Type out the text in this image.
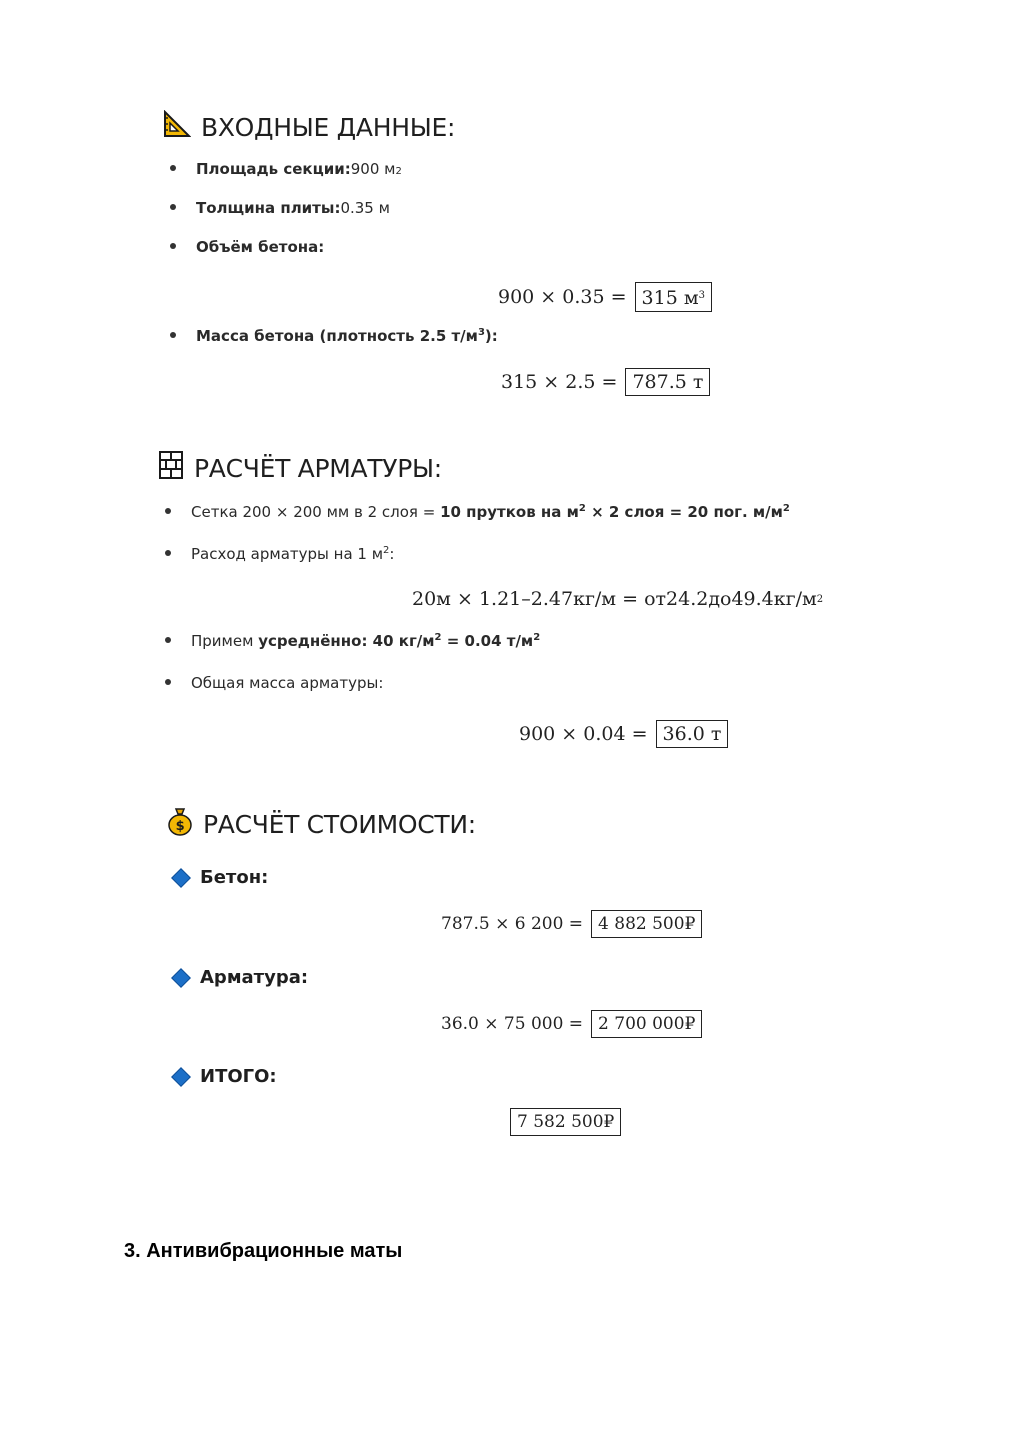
ВХОДНЫЕ ДАННЫЕ:
Площадь секции: 900 м 2
Толщина плиты: 0.35 м
Объём бетона:
900 × 0.35 = 315 $м^3$
Масса бетона (плотность 2.5 $т/м^3$):
315 × 2.5 = 787.5 т
РАСЧЁТ АРМАТУРЫ:
Сетка 200 × 200 мм в 2 слоя = 10 прутков на $м^2 \times 2$ слоя = 20 пог. $м/м^2$
Расход арматуры на 1 $м^2$:
20м × 1.21–2.47кг/м = от24.2до49.4кг/м 2
Примем усреднённо: 40 $кг/м^2 = 0.04$ $т/м^2$
Общая масса арматуры:
900 × 0.04 = 36.0 т
$ РАСЧЁТ СТОИМОСТИ:
Бетон:
787.5 × 6 200 = 4 882 500₽
Арматура:
36.0 × 75 000 = 2 700 000₽
ИТОГО:
7 582 500₽
3. Антивибрационные маты
